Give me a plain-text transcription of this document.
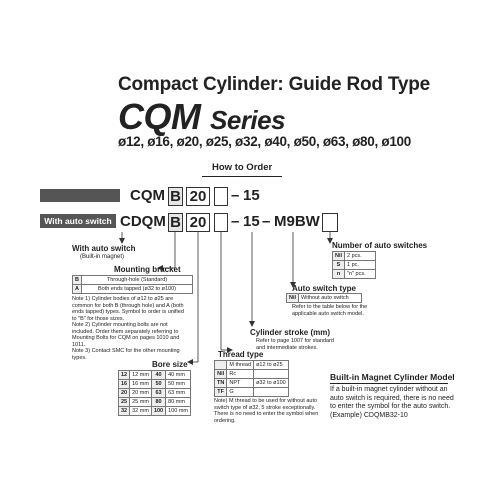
Compact Cylinder: Guide Rod Type
CQM Series
ø12, ø16, ø20, ø25, ø32, ø40, ø50, ø63, ø80, ø100
How to Order
CQM B 20 – 15
With auto switch CDQM B 20 – 15 – M9BW
With auto switch
(Built-in magnet)
Mounting bracket
B	Through-hole (Standard)
A	Both ends tapped (ø32 to ø100)
Note 1) Cylinder bodies of ø12 to ø25 are common for both B (through hole) and A (both ends tapped) types. Symbol to order is unified to "B" for those sizes.
Note 2) Cylinder mounting bolts are not included. Order them separately referring to Mounting Bolts for CQM on pages 1010 and 1011.
Note 3) Contact SMC for the other mounting types.
Bore size
12	12 mm	40	40 mm
16	16 mm	50	50 mm
20	20 mm	63	63 mm
25	25 mm	80	80 mm
32	32 mm	100	100 mm
Thread type
	M thread	ø12 to ø25
Nil	Rc	
TN	NPT	ø32 to ø100
TF	G	
Note) M thread to be used for without auto switch type of ø32, 5 stroke exceptionally. There is no need to enter the symbol when ordering.
Cylinder stroke (mm)
Refer to page 1007 for standard and intermediate strokes.
Auto switch type
Nil	Without auto switch
Refer to the table below for the applicable auto switch model.
Number of auto switches
Nil	2 pcs.
S	1 pc.
n	"n" pcs.
Built-in Magnet Cylinder Model
If a built-in magnet cylinder without an auto switch is required, there is no need to enter the symbol for the auto switch. (Example) CDQMB32-10
